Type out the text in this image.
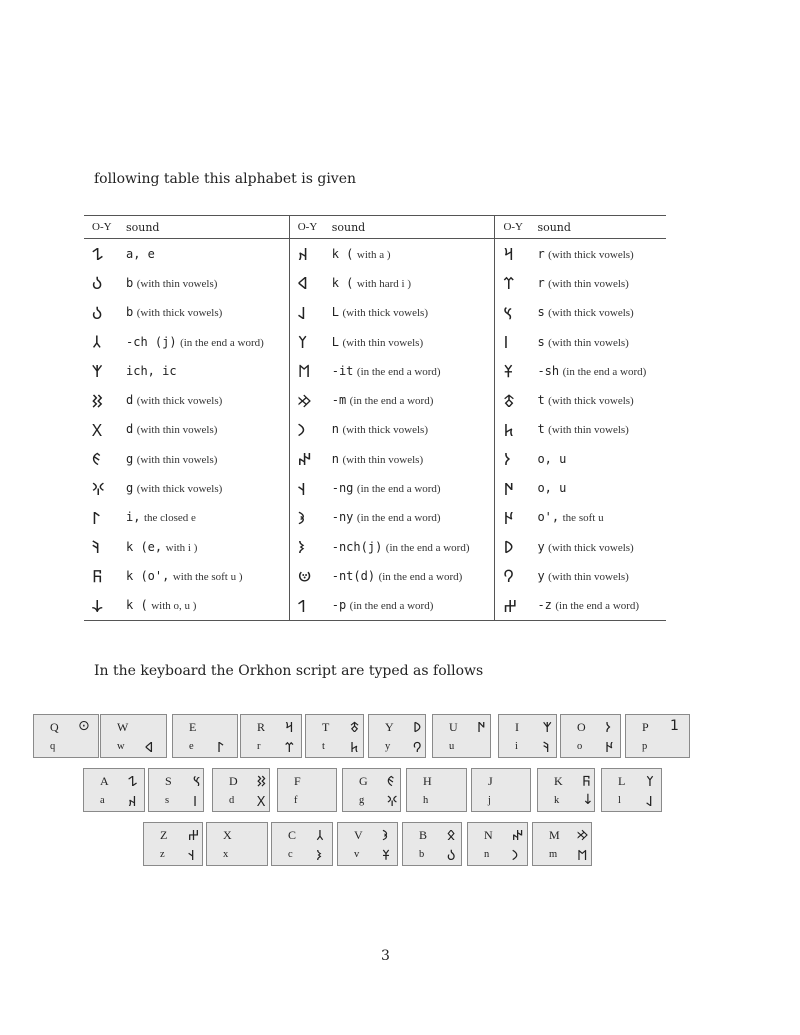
following table this alphabet is given
O-Y	sound	O-Y	sound	O-Y	sound
𐰁	a, e	𐰴	k ( with a )	𐰺	r (with thick vowels)
𐰉	b (with thin vowels)	𐰶	k ( with hard i )	𐰼	r (with thin vowels)
𐰉	b (with thick vowels)	𐰞	L (with thick vowels)	𐰽	s (with thick vowels)
𐰲	-ch (j) (in the end a word)	𐰠	L (with thin vowels)	𐰾	s (with thin vowels)
𐰱	ich, ic	𐰡	-it (in the end a word)	𐱁	-sh (in the end a word)
𐰑	d (with thick vowels)	𐰢	-m (in the end a word)	𐱃	t (with thick vowels)
𐰓	d (with thin vowels)	𐰣	n (with thick vowels)	𐱅	t (with thin vowels)
𐰏	g (with thin vowels)	𐰤	n (with thin vowels)	𐰆	o, u
𐰍	g (with thick vowels)	𐰭	-ng (in the end a word)	𐰇	o, u
𐰃	i, the closed e	𐰪	-ny (in the end a word)	𐰈	o', the soft u
𐰚	k (e, with i )	𐰨	-nch(j) (in the end a word)	𐰖	y (with thick vowels)
𐰜	k (o', with the soft u )	𐰦	-nt(d) (in the end a word)	𐰘	y (with thin vowels)
𐰸	k ( with o, u )	𐰯	-p (in the end a word)	𐰔	-z (in the end a word)
In the keyboard the Orkhon script are typed as follows
Q
q
⊙ W
w 𐰶
E
e 𐰃
R
r
𐰺
𐰼
T
t
𐱃
𐱅
Y
y
𐰖
𐰘
U
u
𐰇 I
i
𐰱
𐰚
O
o
𐰆
𐰈
P
p
1
A
a
𐰁
𐰴
S
s
𐰽
𐰾
D
d
𐰑
𐰓
F
f
G
g
𐰏
𐰍
H
h
J
j
K
k
𐰜
↓
L
l
𐰠
𐰞
Z
z
𐰔
𐰭
X
x
C
c
𐰲
𐰨
V
v
𐰪
𐱁
B
b
𐰋
𐰉
N
n
𐰤
𐰣
M
m
𐰢
𐰡
3
